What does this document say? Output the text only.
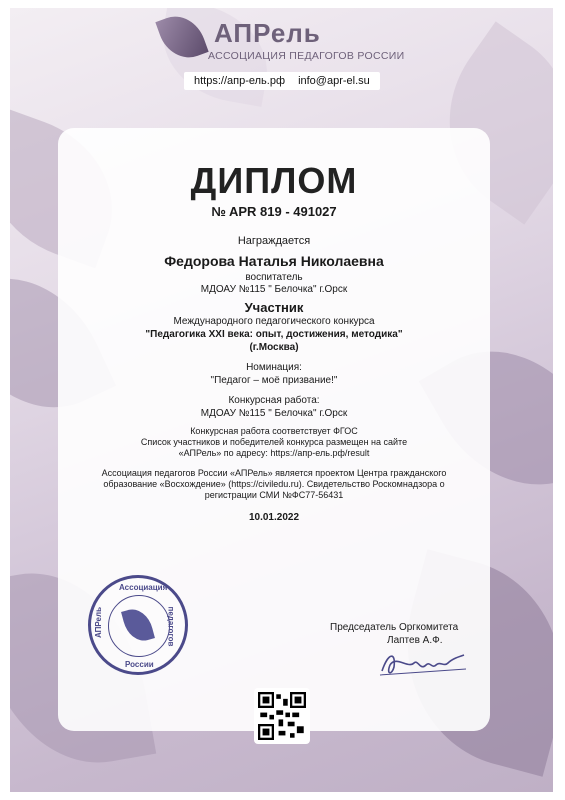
АПРель
АССОЦИАЦИЯ ПЕДАГОГОВ РОССИИ
https://апр-ель.рф info@apr-el.su
ДИПЛОМ
№ APR 819 - 491027
Награждается
Федорова Наталья Николаевна
воспитатель
МДОАУ №115 " Белочка" г.Орск
Участник
Международного педагогического конкурса
"Педагогика XXI века: опыт, достижения, методика"
(г.Москва)
Номинация:
"Педагог – моё призвание!"
Конкурсная работа:
МДОАУ №115 " Белочка" г.Орск
Конкурсная работа соответствует ФГОС
Список участников и победителей конкурса размещен на сайте
«АПРель» по адресу: https://апр-ель.рф/result
Ассоциация педагогов России «АПРель» является проектом Центра гражданского
образование «Восхождение» (https://civiledu.ru). Свидетельство Роскомнадзора о
регистрации СМИ №ФС77-56431
10.01.2022
Ассоциация
педагогов
АПРель
России
Председатель Оргкомитета
Лаптев А.Ф.
